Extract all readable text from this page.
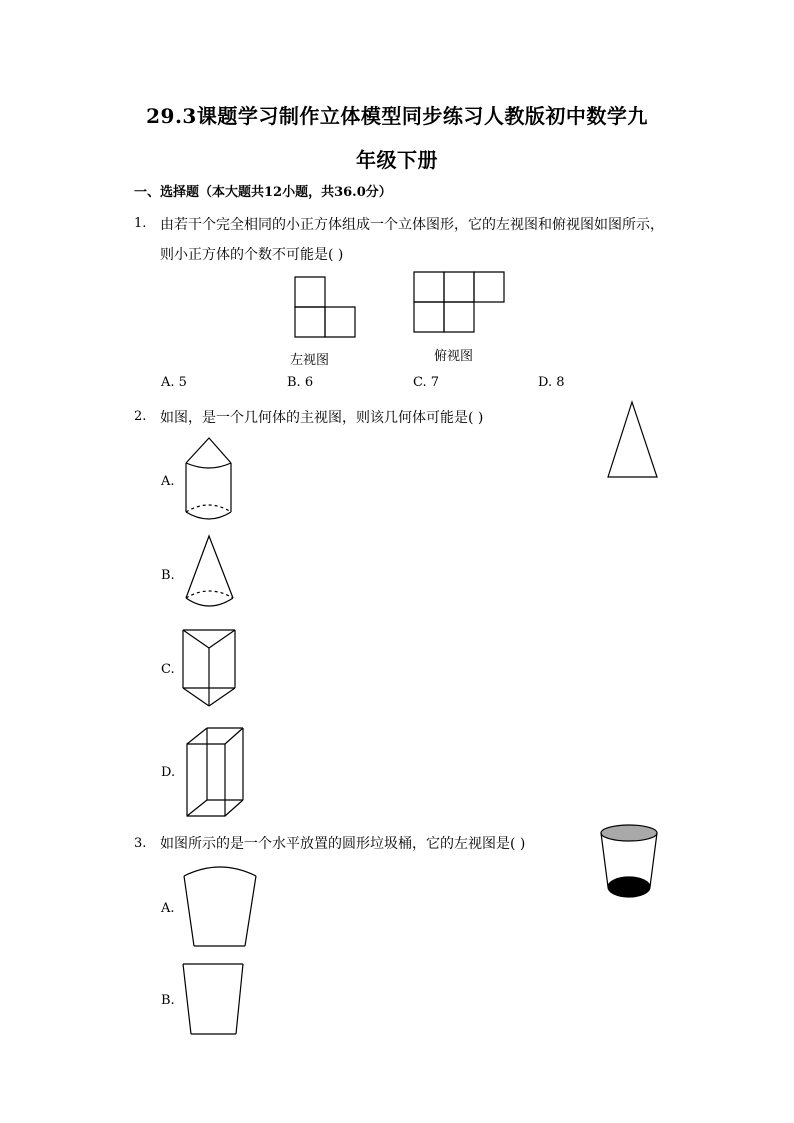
29.3课题学习制作立体模型同步练习人教版初中数学九
年级下册
一、选择题（本大题共12小题，共36.0分）
1. 由若干个完全相同的小正方体组成一个立体图形，它的左视图和俯视图如图所示，
则小正方体的个数不可能是( )
左视图	俯视图
A. 5	B. 6	C. 7	D. 8
2. 如图，是一个几何体的主视图，则该几何体可能是( )
A.
B.
C.
D.
3. 如图所示的是一个水平放置的圆形垃圾桶，它的左视图是( )
A.
B.
